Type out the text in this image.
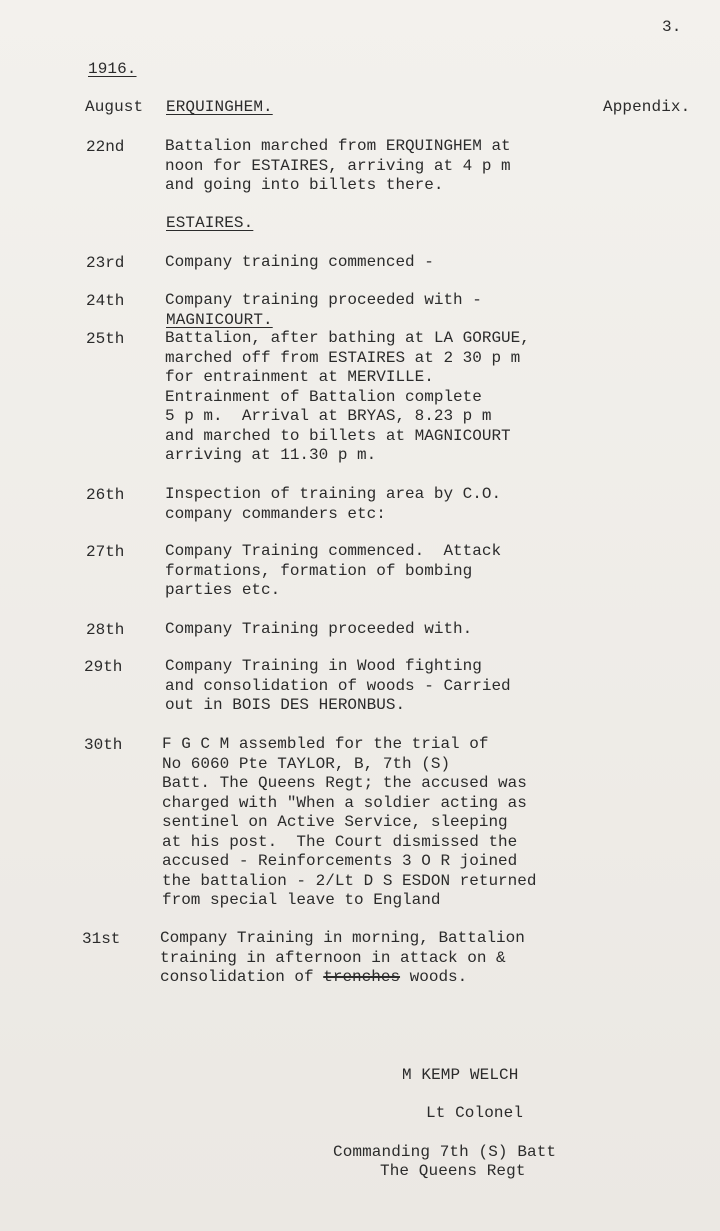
3.
1916.
August ERQUINGHEM.	Appendix.
22nd	Battalion marched from ERQUINGHEM at
noon for ESTAIRES, arriving at 4 p m
and going into billets there.
ESTAIRES.
23rd	Company training commenced -
24th	Company training proceeded with -
MAGNICOURT.
25th	Battalion, after bathing at LA GORGUE,
marched off from ESTAIRES at 2 30 p m
for entrainment at MERVILLE.
Entrainment of Battalion complete
5 p m.  Arrival at BRYAS, 8.23 p m
and marched to billets at MAGNICOURT
arriving at 11.30 p m.
26th	Inspection of training area by C.O.
company commanders etc:
27th	Company Training commenced.  Attack
formations, formation of bombing
parties etc.
28th	Company Training proceeded with.
29th	Company Training in Wood fighting
and consolidation of woods - Carried
out in BOIS DES HERONBUS.
30th F G C M assembled for the trial of
No 6060 Pte TAYLOR, B, 7th (S)
Batt. The Queens Regt; the accused was
charged with "When a soldier acting as
sentinel on Active Service, sleeping
at his post.  The Court dismissed the
accused - Reinforcements 3 O R joined
the battalion - 2/Lt D S ESDON returned
from special leave to England
31st Company Training in morning, Battalion
training in afternoon in attack on &
consolidation of trenches woods.
M KEMP WELCH
Lt Colonel
Commanding 7th (S) Batt
The Queens Regt
